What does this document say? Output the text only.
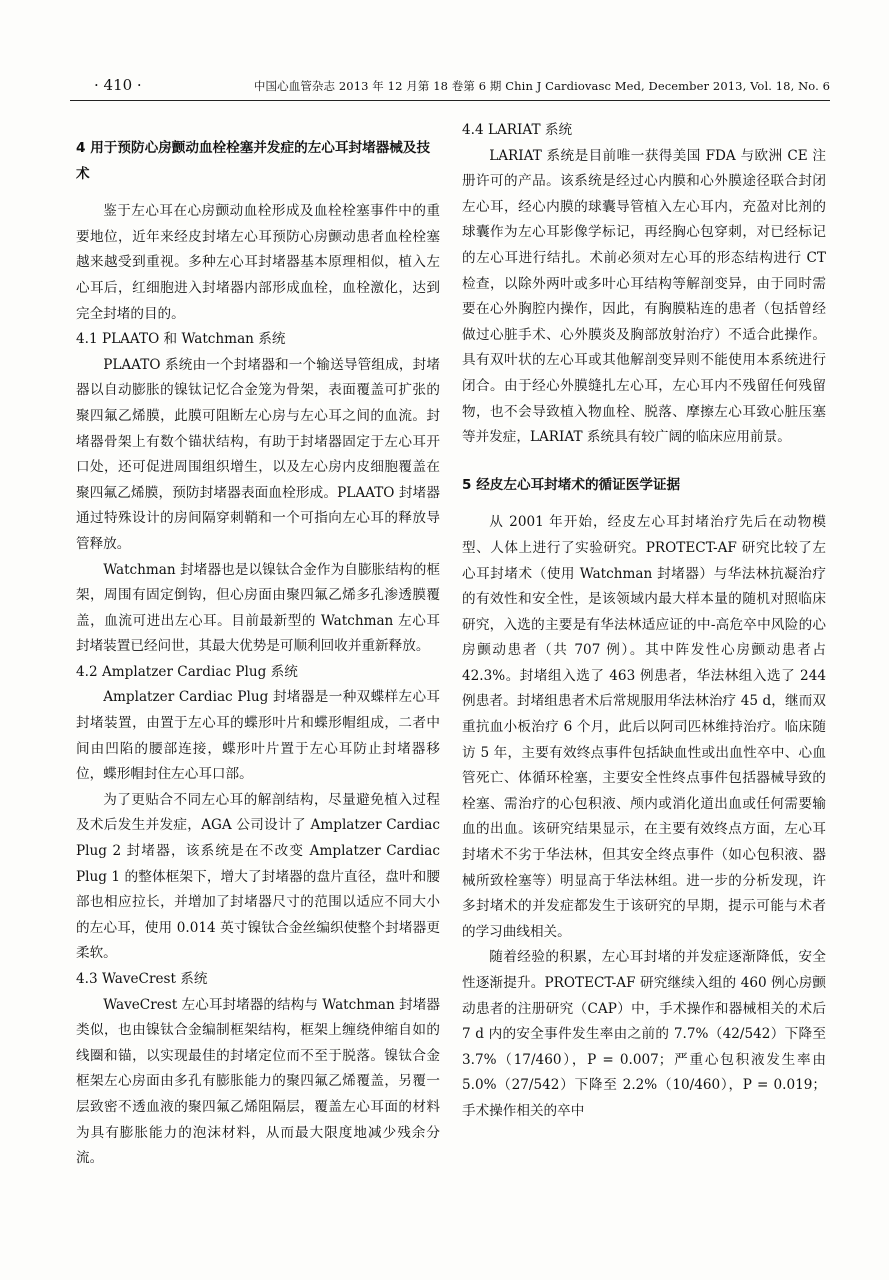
· 410 ·	中国心血管杂志 2013 年 12 月第 18 卷第 6 期 Chin J Cardiovasc Med, December 2013, Vol. 18, No. 6
4 用于预防心房颤动血栓栓塞并发症的左心耳封堵器械及技术

鉴于左心耳在心房颤动血栓形成及血栓栓塞事件中的重要地位，近年来经皮封堵左心耳预防心房颤动患者血栓栓塞越来越受到重视。多种左心耳封堵器基本原理相似，植入左心耳后，红细胞进入封堵器内部形成血栓，血栓激化，达到完全封堵的目的。

4.1 PLAATO 和 Watchman 系统

PLAATO 系统由一个封堵器和一个输送导管组成，封堵器以自动膨胀的镍钛记忆合金笼为骨架，表面覆盖可扩张的聚四氟乙烯膜，此膜可阻断左心房与左心耳之间的血流。封堵器骨架上有数个锚状结构，有助于封堵器固定于左心耳开口处，还可促进周围组织增生，以及左心房内皮细胞覆盖在聚四氟乙烯膜，预防封堵器表面血栓形成。PLAATO 封堵器通过特殊设计的房间隔穿刺鞘和一个可指向左心耳的释放导管释放。

Watchman 封堵器也是以镍钛合金作为自膨胀结构的框架，周围有固定倒钩，但心房面由聚四氟乙烯多孔渗透膜覆盖，血流可进出左心耳。目前最新型的 Watchman 左心耳封堵装置已经问世，其最大优势是可顺利回收并重新释放。

4.2 Amplatzer Cardiac Plug 系统

Amplatzer Cardiac Plug 封堵器是一种双蝶样左心耳封堵装置，由置于左心耳的蝶形叶片和蝶形帽组成，二者中间由凹陷的腰部连接，蝶形叶片置于左心耳防止封堵器移位，蝶形帽封住左心耳口部。

为了更贴合不同左心耳的解剖结构，尽量避免植入过程及术后发生并发症，AGA 公司设计了 Amplatzer Cardiac Plug 2 封堵器，该系统是在不改变 Amplatzer Cardiac Plug 1 的整体框架下，增大了封堵器的盘片直径，盘叶和腰部也相应拉长，并增加了封堵器尺寸的范围以适应不同大小的左心耳，使用 0.014 英寸镍钛合金丝编织使整个封堵器更柔软。

4.3 WaveCrest 系统

WaveCrest 左心耳封堵器的结构与 Watchman 封堵器类似，也由镍钛合金编制框架结构，框架上缠绕伸缩自如的线圈和锚，以实现最佳的封堵定位而不至于脱落。镍钛合金框架左心房面由多孔有膨胀能力的聚四氟乙烯覆盖，另覆一层致密不透血液的聚四氟乙烯阻隔层，覆盖左心耳面的材料为具有膨胀能力的泡沫材料，从而最大限度地减少残余分流。

4.4 LARIAT 系统

LARIAT 系统是目前唯一获得美国 FDA 与欧洲 CE 注册许可的产品。该系统是经过心内膜和心外膜途径联合封闭左心耳，经心内膜的球囊导管植入左心耳内，充盈对比剂的球囊作为左心耳影像学标记，再经胸心包穿刺，对已经标记的左心耳进行结扎。术前必须对左心耳的形态结构进行 CT 检查，以除外两叶或多叶心耳结构等解剖变异，由于同时需要在心外胸腔内操作，因此，有胸膜粘连的患者（包括曾经做过心脏手术、心外膜炎及胸部放射治疗）不适合此操作。具有双叶状的左心耳或其他解剖变异则不能使用本系统进行闭合。由于经心外膜缝扎左心耳，左心耳内不残留任何残留物，也不会导致植入物血栓、脱落、摩擦左心耳致心脏压塞等并发症，LARIAT 系统具有较广阔的临床应用前景。

5 经皮左心耳封堵术的循证医学证据

从 2001 年开始，经皮左心耳封堵治疗先后在动物模型、人体上进行了实验研究。PROTECT-AF 研究比较了左心耳封堵术（使用 Watchman 封堵器）与华法林抗凝治疗的有效性和安全性，是该领域内最大样本量的随机对照临床研究，入选的主要是有华法林适应证的中-高危卒中风险的心房颤动患者（共 707 例）。其中阵发性心房颤动患者占 42.3%。封堵组入选了 463 例患者，华法林组入选了 244 例患者。封堵组患者术后常规服用华法林治疗 45 d，继而双重抗血小板治疗 6 个月，此后以阿司匹林维持治疗。临床随访 5 年，主要有效终点事件包括缺血性或出血性卒中、心血管死亡、体循环栓塞，主要安全性终点事件包括器械导致的栓塞、需治疗的心包积液、颅内或消化道出血或任何需要输血的出血。该研究结果显示，在主要有效终点方面，左心耳封堵术不劣于华法林，但其安全终点事件（如心包积液、器械所致栓塞等）明显高于华法林组。进一步的分析发现，许多封堵术的并发症都发生于该研究的早期，提示可能与术者的学习曲线相关。

随着经验的积累，左心耳封堵的并发症逐渐降低，安全性逐渐提升。PROTECT-AF 研究继续入组的 460 例心房颤动患者的注册研究（CAP）中，手术操作和器械相关的术后 7 d 内的安全事件发生率由之前的 7.7%（42/542）下降至 3.7%（17/460），P = 0.007；严重心包积液发生率由 5.0%（27/542）下降至 2.2%（10/460），P = 0.019；手术操作相关的卒中
